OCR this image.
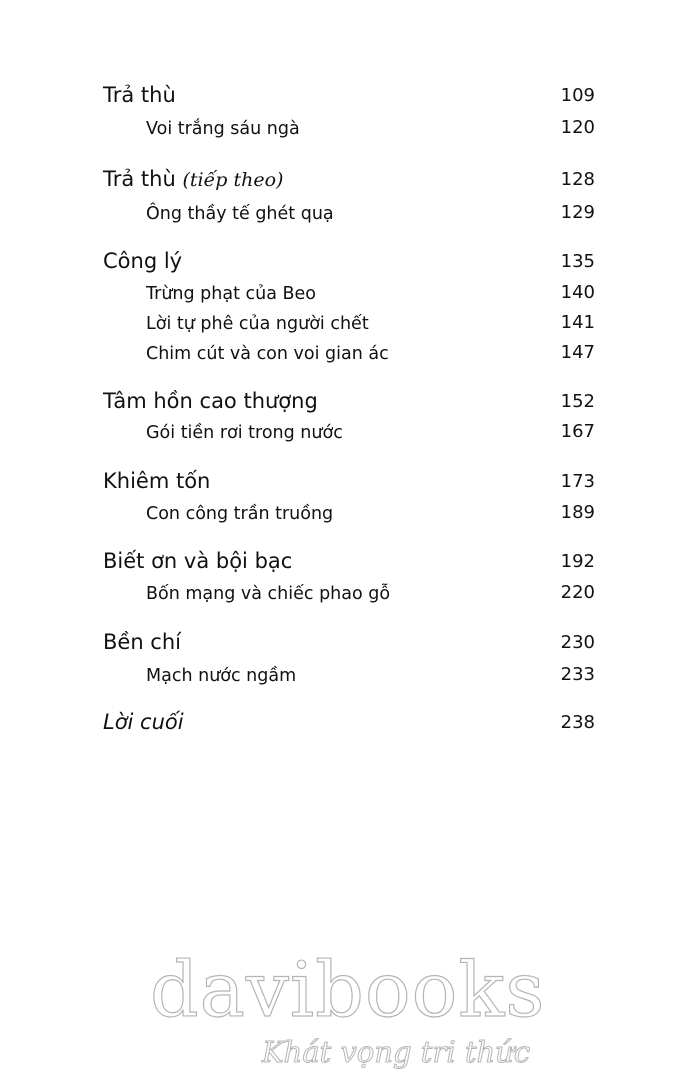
Trả thù	109
Voi trắng sáu ngà	120
Trả thù (tiếp theo)	128
Ông thầy tế ghét quạ	129
Công lý	135
Trừng phạt của Beo	140
Lời tự phê của người chết	141
Chim cút và con voi gian ác	147
Tâm hồn cao thượng	152
Gói tiền rơi trong nước	167
Khiêm tốn	173
Con công trần truồng	189
Biết ơn và bội bạc	192
Bốn mạng và chiếc phao gỗ	220
Bền chí	230
Mạch nước ngầm	233
Lời cuối	238
davibooks
Khát vọng tri thức
